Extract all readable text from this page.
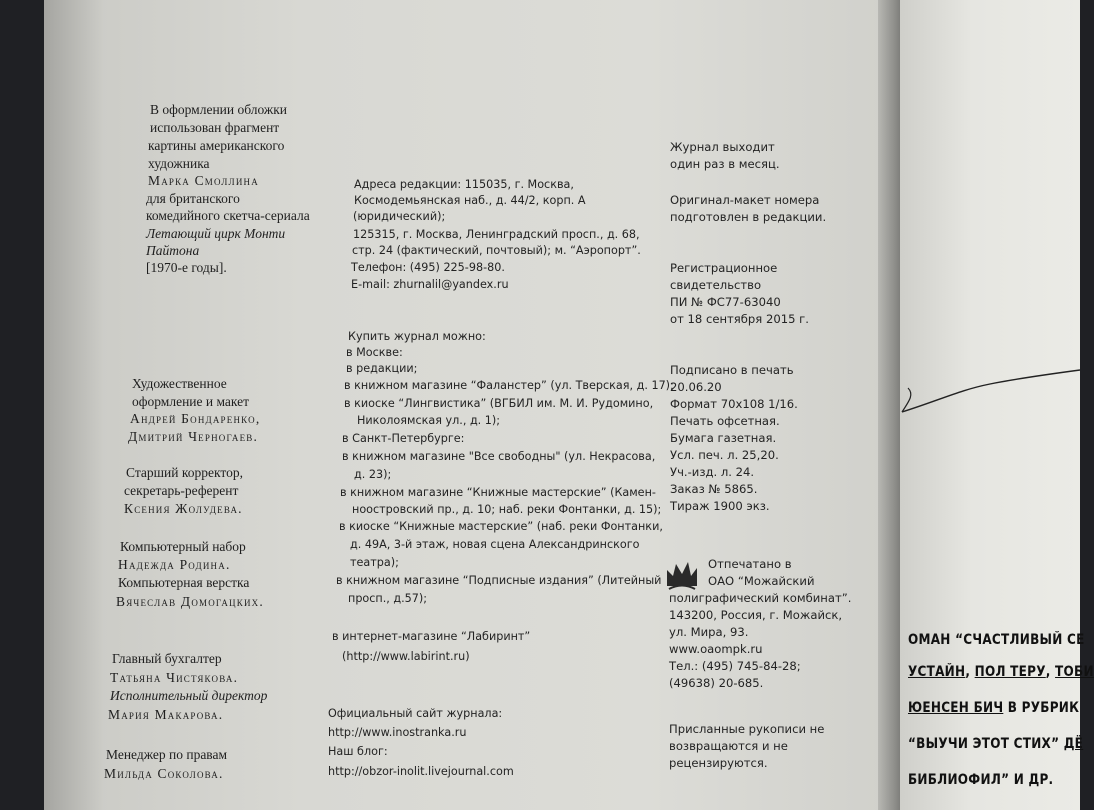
В оформлении обложки
использован фрагмент
картины американского
художника
Марка Смоллина
для британского
комедийного скетча-сериала
Летающий цирк Монти
Пайтона
[1970-е годы].
Художественное
оформление и макет
Андрей Бондаренко,
Дмитрий Черногаев.
Старший корректор,
секретарь-референт
Ксения Жолудева.
Компьютерный набор
Надежда Родина.
Компьютерная верстка
Вячеслав Домогацких.
Главный бухгалтер
Татьяна Чистякова.
Исполнительный директор
Мария Макарова.
Менеджер по правам
Мильда Соколова.
Адреса редакции: 115035, г. Москва,
Космодемьянская наб., д. 44/2, корп. А
(юридический);
125315, г. Москва, Ленинградский просп., д. 68,
стр. 24 (фактический, почтовый); м. “Аэропорт”.
Телефон: (495) 225-98-80.
E-mail: zhurnalil@yandex.ru
Купить журнал можно:
в Москве:
в редакции;
в книжном магазине “Фаланстер” (ул. Тверская, д. 17);
в киоске “Лингвистика” (ВГБИЛ им. М. И. Рудомино,
Николоямская ул., д. 1);
в Санкт-Петербурге:
в книжном магазине "Все свободны" (ул. Некрасова,
д. 23);
в книжном магазине “Книжные мастерские” (Камен-
ноостровский пр., д. 10; наб. реки Фонтанки, д. 15);
в киоске “Книжные мастерские” (наб. реки Фонтанки,
д. 49А, 3-й этаж, новая сцена Александринского
театра);
в книжном магазине “Подписные издания” (Литейный
просп., д.57);
в интернет-магазине “Лабиринт”
(http://www.labirint.ru)
Официальный сайт журнала:
http://www.inostranka.ru
Наш блог:
http://obzor-inolit.livejournal.com
Журнал выходит
один раз в месяц.
Оригинал-макет номера
подготовлен в редакции.
Регистрационное
свидетельство
ПИ № ФС77-63040
от 18 сентября 2015 г.
Подписано в печать
20.06.20
Формат 70x108 1/16.
Печать офсетная.
Бумага газетная.
Усл. печ. л. 25,20.
Уч.-изд. л. 24.
Заказ № 5865.
Тираж 1900 экз.
Отпечатано в
ОАО “Можайский
полиграфический комбинат”.
143200, Россия, г. Можайск,
ул. Мира, 93.
www.oaompk.ru
Тел.: (495) 745-84-28;
(49638) 20-685.
Присланные рукописи не
возвращаются и не
рецензируются.
ОМАН “СЧАСТЛИВЫЙ СЕ
УСТАЙН, ПОЛ ТЕРУ, ТОБИ
ЮЕНСЕН БИЧ В РУБРИК
“ВЫУЧИ ЭТОТ СТИХ” ДЁ
БИБЛИОФИЛ” И ДР.
